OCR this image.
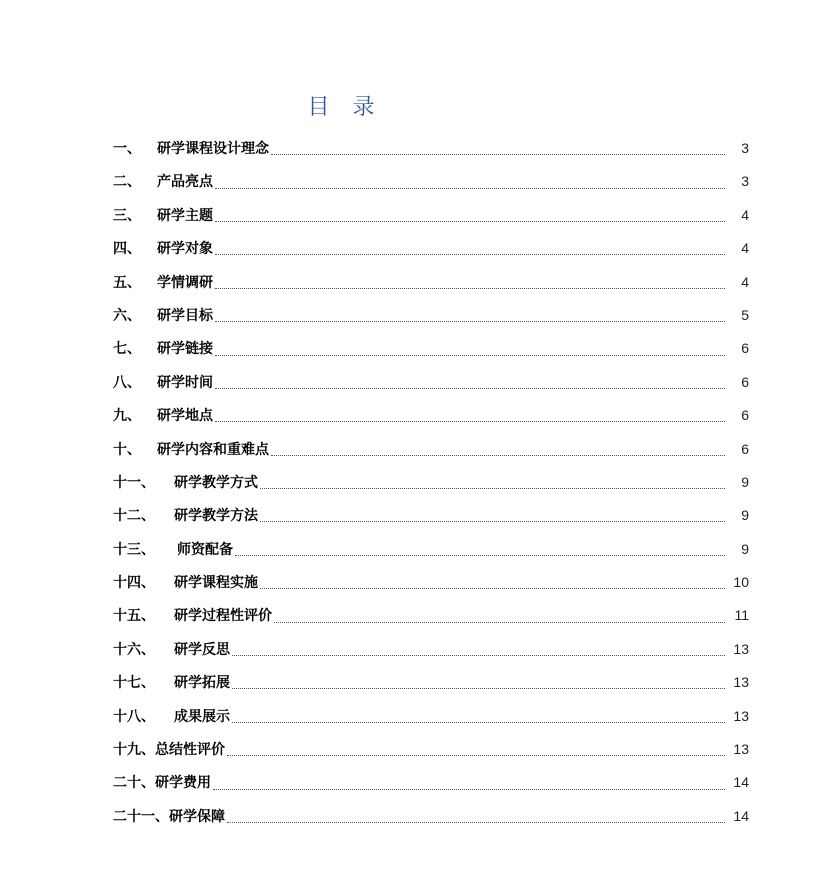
目 录
一、	研学课程设计理念	3
二、	产品亮点	3
三、	研学主题	4
四、	研学对象	4
五、	学情调研	4
六、	研学目标	5
七、	研学链接	6
八、	研学时间	6
九、	研学地点	6
十、	研学内容和重难点	6
十一、	研学教学方式	9
十二、	研学教学方法	9
十三、	师资配备	9
十四、	研学课程实施	10
十五、	研学过程性评价	11
十六、	研学反思	13
十七、	研学拓展	13
十八、	成果展示	13
十九、 总结性评价	13
二十、 研学费用	14
二十一、 研学保障	14
